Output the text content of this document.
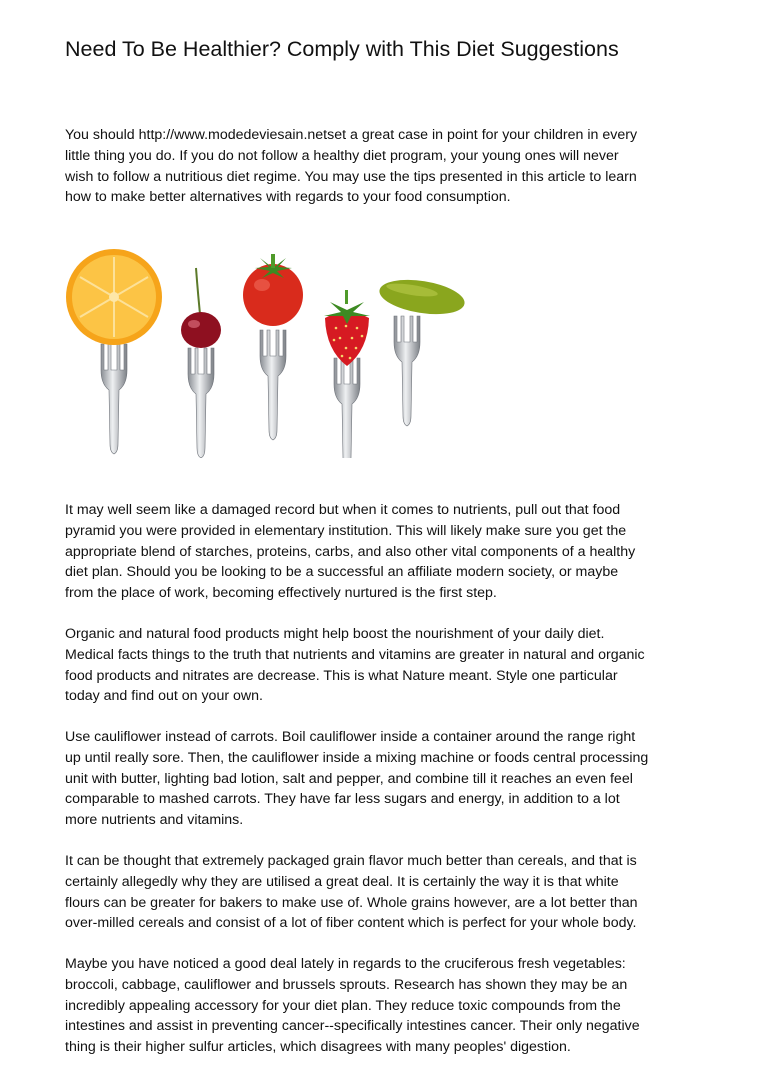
Need To Be Healthier? Comply with This Diet Suggestions
You should http://www.modedeviesain.netset a great case in point for your children in every
little thing you do. If you do not follow a healthy diet program, your young ones will never
wish to follow a nutritious diet regime. You may use the tips presented in this article to learn
how to make better alternatives with regards to your food consumption.
It may well seem like a damaged record but when it comes to nutrients, pull out that food
pyramid you were provided in elementary institution. This will likely make sure you get the
appropriate blend of starches, proteins, carbs, and also other vital components of a healthy
diet plan. Should you be looking to be a successful an affiliate modern society, or maybe
from the place of work, becoming effectively nurtured is the first step.
Organic and natural food products might help boost the nourishment of your daily diet.
Medical facts things to the truth that nutrients and vitamins are greater in natural and organic
food products and nitrates are decrease. This is what Nature meant. Style one particular
today and find out on your own.
Use cauliflower instead of carrots. Boil cauliflower inside a container around the range right
up until really sore. Then, the cauliflower inside a mixing machine or foods central processing
unit with butter, lighting bad lotion, salt and pepper, and combine till it reaches an even feel
comparable to mashed carrots. They have far less sugars and energy, in addition to a lot
more nutrients and vitamins.
It can be thought that extremely packaged grain flavor much better than cereals, and that is
certainly allegedly why they are utilised a great deal. It is certainly the way it is that white
flours can be greater for bakers to make use of. Whole grains however, are a lot better than
over-milled cereals and consist of a lot of fiber content which is perfect for your whole body.
Maybe you have noticed a good deal lately in regards to the cruciferous fresh vegetables:
broccoli, cabbage, cauliflower and brussels sprouts. Research has shown they may be an
incredibly appealing accessory for your diet plan. They reduce toxic compounds from the
intestines and assist in preventing cancer--specifically intestines cancer. Their only negative
thing is their higher sulfur articles, which disagrees with many peoples' digestion.
